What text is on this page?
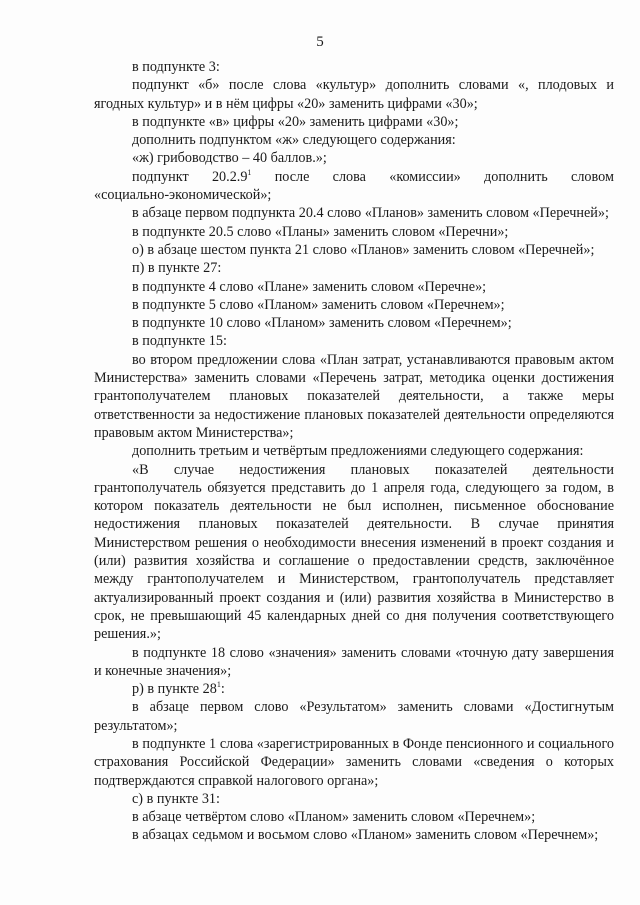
5

в подпункте 3:

подпункт «б» после слова «культур» дополнить словами «, плодовых и ягодных культур» и в нём цифры «20» заменить цифрами «30»;

в подпункте «в» цифры «20» заменить цифрами «30»;

дополнить подпунктом «ж» следующего содержания:

«ж) грибоводство – 40 баллов.»;

подпункт 20.2.9$^1$ после слова «комиссии» дополнить словом

«социально-экономической»;

в абзаце первом подпункта 20.4 слово «Планов» заменить словом «Перечней»;

в подпункте 20.5 слово «Планы» заменить словом «Перечни»;

о) в абзаце шестом пункта 21 слово «Планов» заменить словом «Перечней»;

п) в пункте 27:

в подпункте 4 слово «Плане» заменить словом «Перечне»;

в подпункте 5 слово «Планом» заменить словом «Перечнем»;

в подпункте 10 слово «Планом» заменить словом «Перечнем»;

в подпункте 15:

во втором предложении слова «План затрат, устанавливаются правовым актом Министерства» заменить словами «Перечень затрат, методика оценки достижения грантополучателем плановых показателей деятельности, а также меры ответственности за недостижение плановых показателей деятельности определяются правовым актом Министерства»;

дополнить третьим и четвёртым предложениями следующего содержания:

«В случае недостижения плановых показателей деятельности грантополучатель обязуется представить до 1 апреля года, следующего за годом, в котором показатель деятельности не был исполнен, письменное обоснование недостижения плановых показателей деятельности. В случае принятия Министерством решения о необходимости внесения изменений в проект создания и (или) развития хозяйства и соглашение о предоставлении средств, заключённое между грантополучателем и Министерством, грантополучатель представляет актуализированный проект создания и (или) развития хозяйства в Министерство в срок, не превышающий 45 календарных дней со дня получения соответствующего решения.»;

в подпункте 18 слово «значения» заменить словами «точную дату завершения и конечные значения»;

р) в пункте $28^1$:

в абзаце первом слово «Результатом» заменить словами «Достигнутым результатом»;

в подпункте 1 слова «зарегистрированных в Фонде пенсионного и социального страхования Российской Федерации» заменить словами «сведения о которых подтверждаются справкой налогового органа»;

с) в пункте 31:

в абзаце четвёртом слово «Планом» заменить словом «Перечнем»;

в абзацах седьмом и восьмом слово «Планом» заменить словом «Перечнем»;
